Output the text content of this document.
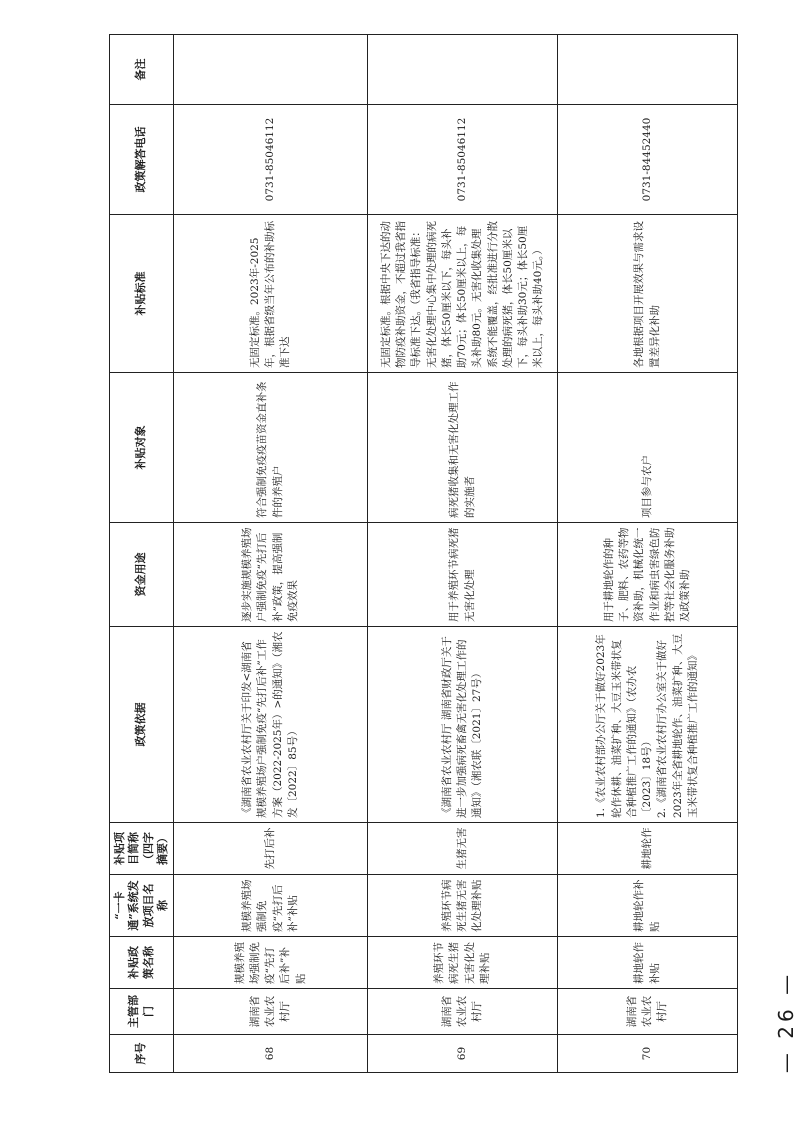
序号	主管部门	补贴政策名称	“一卡通”系统发放项目名称	补贴项目简称（四字摘要）	政策依据	资金用途	补贴对象	补贴标准	政策解答电话	备注
68	湖南省农业农村厅	规模养殖场强制免疫“先打后补”补贴	规模养殖场强制免疫“先打后补”补贴	先打后补	《湖南省农业农村厅关于印发<湖南省规模养殖场户强制免疫“先打后补”工作方案（2022-2025年）>的通知》（湘农发〔2022〕85号）	逐步实施规模养殖场户强制免疫“先打后补”政策，提高强制免疫效果	符合强制免疫疫苗资金直补条件的养殖户	无固定标准。2023年-2025年，根据省级当年公布的补助标准下达	0731-85046112	
69	湖南省农业农村厅	养殖环节病死生猪无害化处理补贴	养殖环节病死生猪无害化处理补贴	生猪无害	《湖南省农业农村厅 湖南省财政厅关于进一步加强病死畜禽无害化处理工作的通知》（湘农联〔2021〕27号）	用于养殖环节病死猪无害化处理	病死猪收集和无害化处理工作的实施者	无固定标准。根据中央下达的动物防疫补助资金，不超过我省指导标准下达。（我省指导标准：无害化处理中心集中处理的病死猪，体长50厘米以下，每头补助70元；体长50厘米以上，每头补助80元。无害化收集处理系统不能覆盖，经批准进行分散处理的病死猪，体长50厘米以下，每头补助30元；体长50厘米以上，每头补助40元。）	0731-85046112	
70	湖南省农业农村厅	耕地轮作补贴	耕地轮作补贴	耕地轮作	1.《农业农村部办公厅关于做好2023年轮作休耕、油菜扩种、大豆玉米带状复合种植推广工作的通知》（农办农〔2023〕18号）
2.《湖南省农业农村厅办公室关于做好2023年全省耕地轮作、油菜扩种、大豆玉米带状复合种植推广工作的通知》	用于耕地轮作的种子、肥料、农药等物资补助，机械化统一作业和病虫害绿色防控等社会化服务补助及政策补助	项目参与农户	各地根据项目开展效果与需求设置差异化补助	0731-84452440	
— 26 —
